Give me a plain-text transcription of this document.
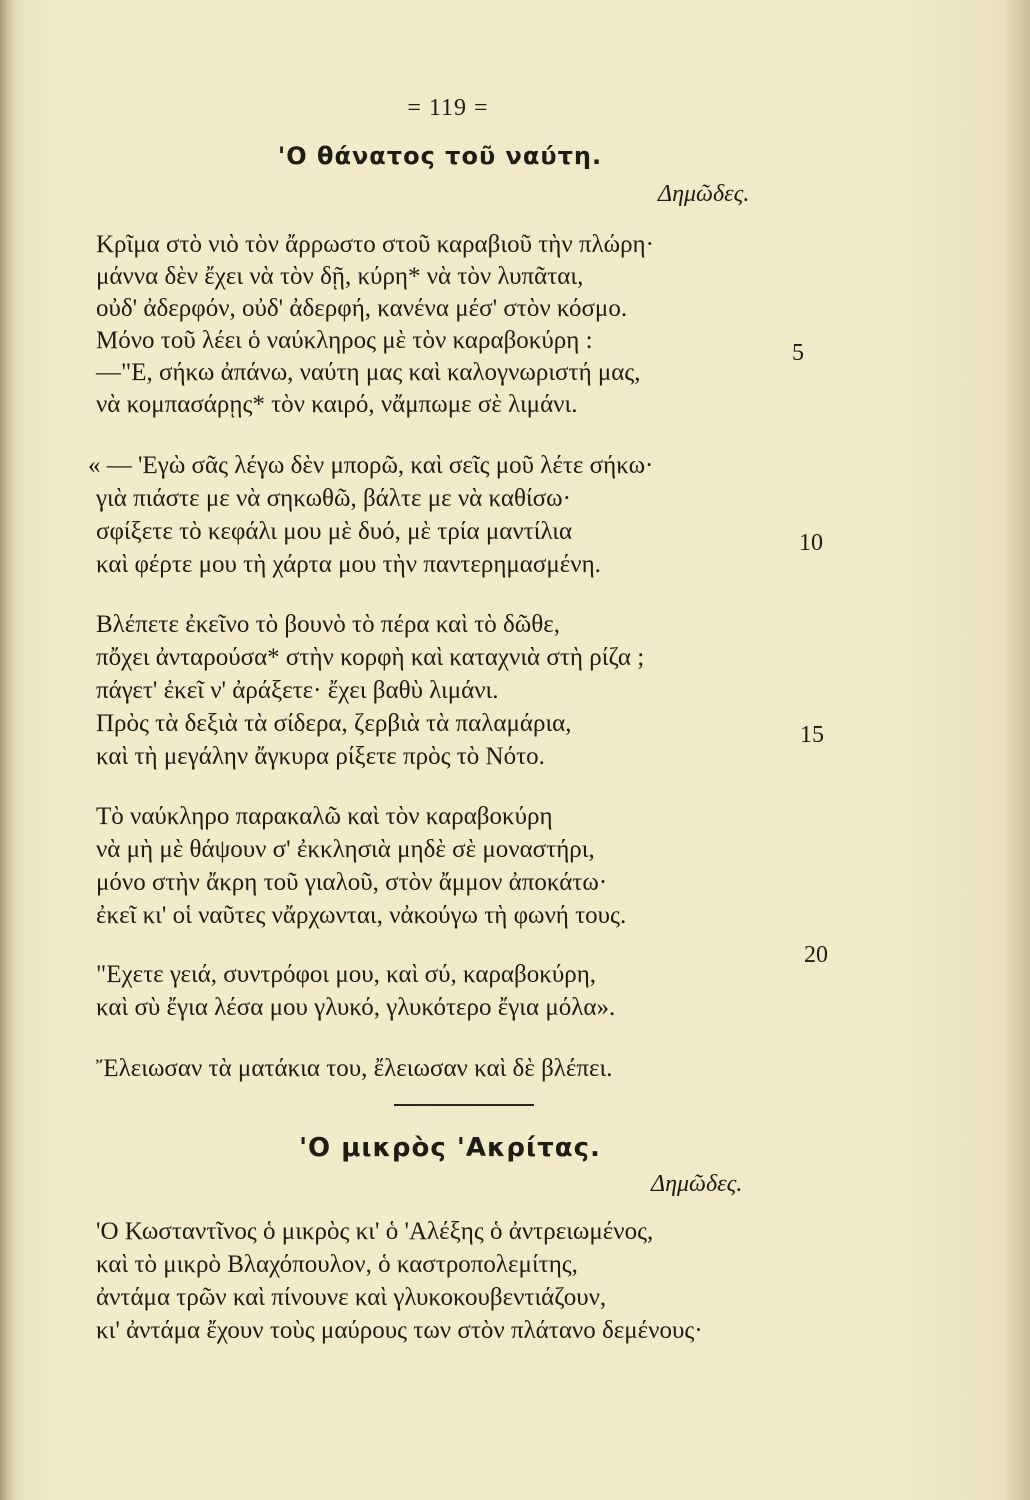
= 119 =
'Ο θάνατος τοῦ ναύτη.
Δημῶδες.
Κρῖμα στὸ νιὸ τὸν ἄρρωστο στοῦ καραβιοῦ τὴν πλώρη·
μάννα δὲν ἔχει νὰ τὸν δῇ, κύρη* νὰ τὸν λυπᾶται,
οὐδ' ἀδερφόν, οὐδ' ἀδερφή, κανένα μέσ' στὸν κόσμο.
Μόνο τοῦ λέει ὁ ναύκληρος μὲ τὸν καραβοκύρη :
—"Ε, σήκω ἀπάνω, ναύτη μας καὶ καλογνωριστή μας,
νὰ κομπασάρῃς* τὸν καιρό, νἄμπωμε σὲ λιμάνι.
5
« — 'Εγὼ σᾶς λέγω δὲν μπορῶ, καὶ σεῖς μοῦ λέτε σήκω·
γιὰ πιάστε με νὰ σηκωθῶ, βάλτε με νὰ καθίσω·
σφίξετε τὸ κεφάλι μου μὲ δυό, μὲ τρία μαντίλια
καὶ φέρτε μου τὴ χάρτα μου τὴν παντερημασμένη.
10
Βλέπετε ἐκεῖνο τὸ βουνὸ τὸ πέρα καὶ τὸ δῶθε,
πὄχει ἀνταρούσα* στὴν κορφὴ καὶ καταχνιὰ στὴ ρίζα ;
πάγετ' ἐκεῖ ν' ἀράξετε· ἔχει βαθὺ λιμάνι.
Πρὸς τὰ δεξιὰ τὰ σίδερα, ζερβιὰ τὰ παλαμάρια,
καὶ τὴ μεγάλην ἄγκυρα ρίξετε πρὸς τὸ Νότο.
15
Τὸ ναύκληρο παρακαλῶ καὶ τὸν καραβοκύρη
νὰ μὴ μὲ θάψουν σ' ἐκκλησιὰ μηδὲ σὲ μοναστήρι,
μόνο στὴν ἄκρη τοῦ γιαλοῦ, στὸν ἄμμον ἀποκάτω·
ἐκεῖ κι' οἱ ναῦτες νἄρχωνται, νἀκούγω τὴ φωνή τους.
20
"Εχετε γειά, συντρόφοι μου, καὶ σύ, καραβοκύρη,
καὶ σὺ ἔγια λέσα μου γλυκό, γλυκότερο ἔγια μόλα».
Ἔλειωσαν τὰ ματάκια του, ἔλειωσαν καὶ δὲ βλέπει.
'Ο μικρὸς 'Ακρίτας.
Δημῶδες.
'Ο Κωσταντῖνος ὁ μικρὸς κι' ὁ 'Αλέξης ὁ ἀντρειωμένος,
καὶ τὸ μικρὸ Βλαχόπουλον, ὁ καστροπολεμίτης,
ἀντάμα τρῶν καὶ πίνουνε καὶ γλυκοκουβεντιάζουν,
κι' ἀντάμα ἔχουν τοὺς μαύρους των στὸν πλάτανο δεμένους·
